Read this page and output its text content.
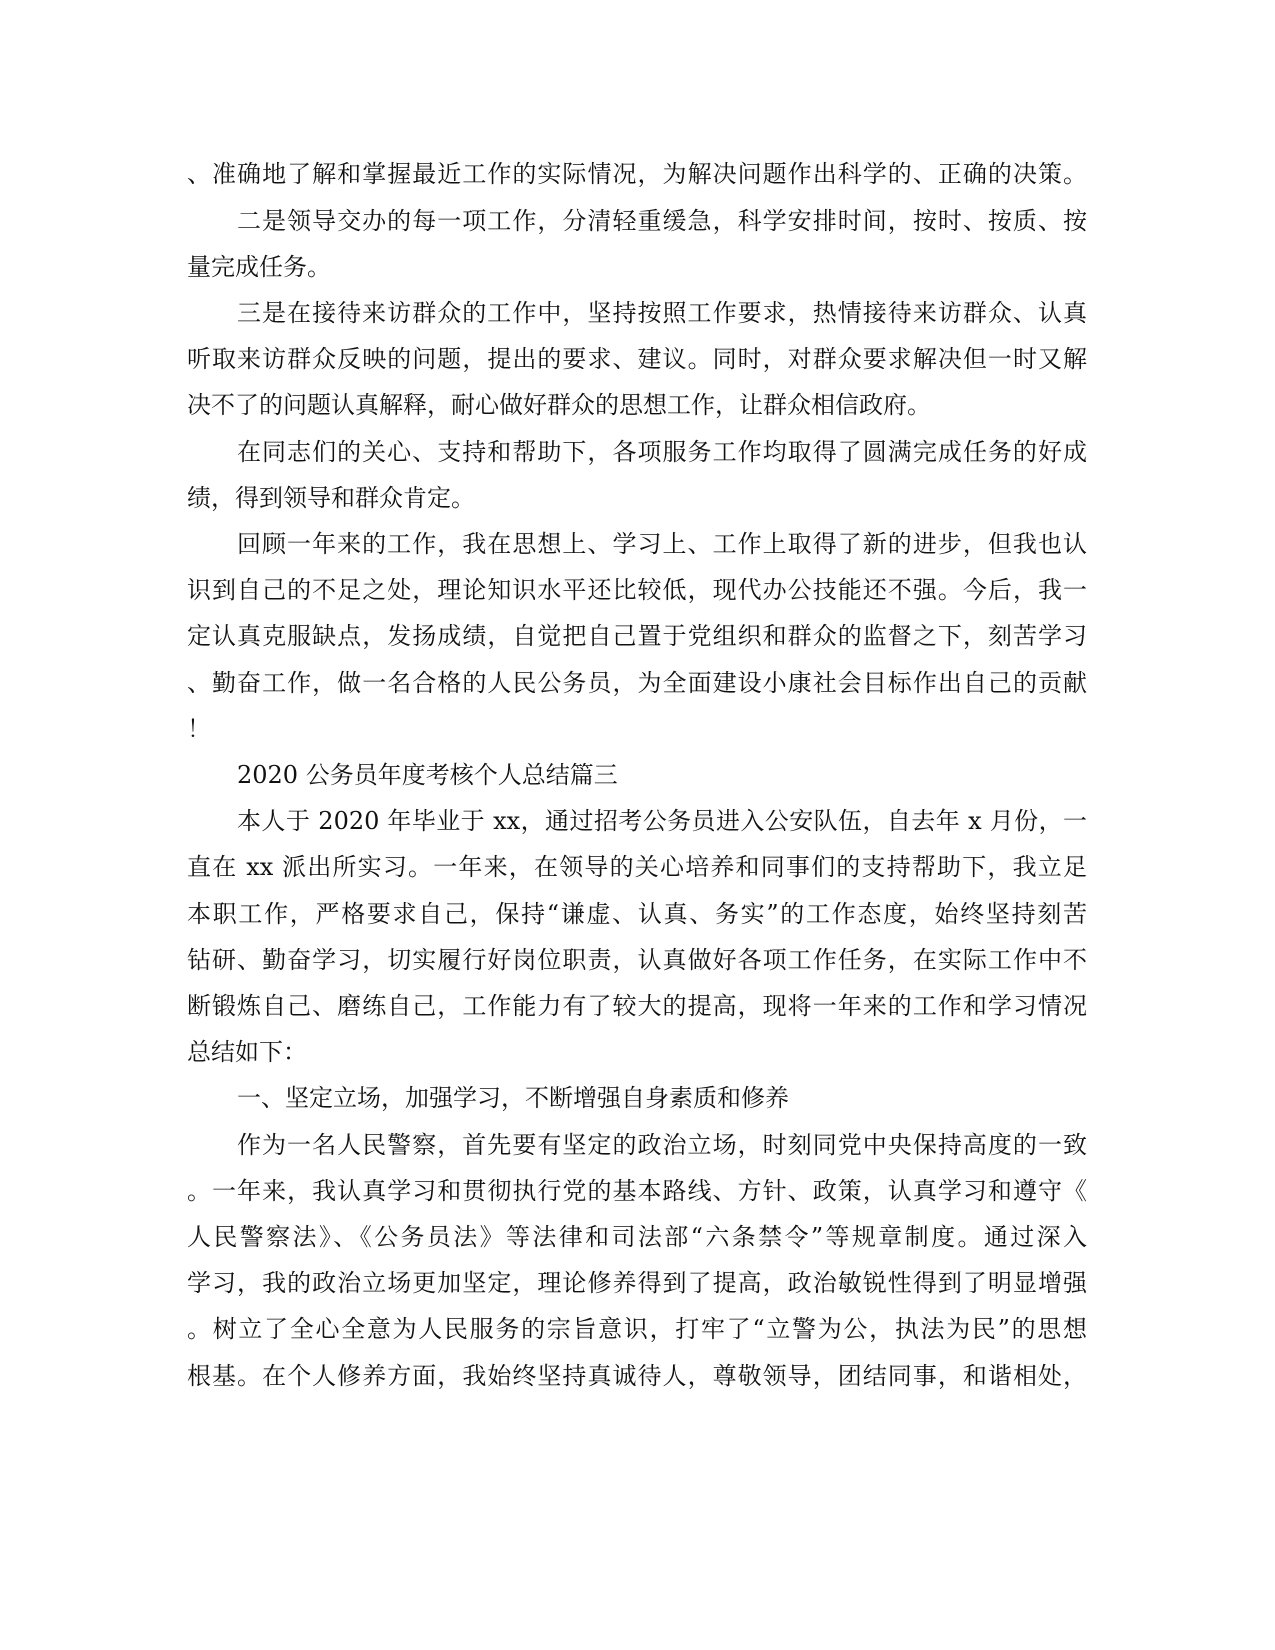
、准确地了解和掌握最近工作的实际情况，为解决问题作出科学的、正确的决策。
二是领导交办的每一项工作，分清轻重缓急，科学安排时间，按时、按质、按
量完成任务。
三是在接待来访群众的工作中，坚持按照工作要求，热情接待来访群众、认真
听取来访群众反映的问题，提出的要求、建议。同时，对群众要求解决但一时又解
决不了的问题认真解释，耐心做好群众的思想工作，让群众相信政府。
在同志们的关心、支持和帮助下，各项服务工作均取得了圆满完成任务的好成
绩，得到领导和群众肯定。
回顾一年来的工作，我在思想上、学习上、工作上取得了新的进步，但我也认
识到自己的不足之处，理论知识水平还比较低，现代办公技能还不强。今后，我一
定认真克服缺点，发扬成绩，自觉把自己置于党组织和群众的监督之下，刻苦学习
、勤奋工作，做一名合格的人民公务员，为全面建设小康社会目标作出自己的贡献
！
2020 公务员年度考核个人总结篇三
本人于 2020 年毕业于 xx，通过招考公务员进入公安队伍，自去年 x 月份，一
直在 xx 派出所实习。一年来，在领导的关心培养和同事们的支持帮助下，我立足
本职工作，严格要求自己，保持“谦虚、认真、务实”的工作态度，始终坚持刻苦
钻研、勤奋学习，切实履行好岗位职责，认真做好各项工作任务，在实际工作中不
断锻炼自己、磨练自己，工作能力有了较大的提高，现将一年来的工作和学习情况
总结如下：
一、坚定立场，加强学习，不断增强自身素质和修养
作为一名人民警察，首先要有坚定的政治立场，时刻同党中央保持高度的一致
。一年来，我认真学习和贯彻执行党的基本路线、方针、政策，认真学习和遵守《
人民警察法》、《公务员法》等法律和司法部“六条禁令”等规章制度。通过深入
学习，我的政治立场更加坚定，理论修养得到了提高，政治敏锐性得到了明显增强
。树立了全心全意为人民服务的宗旨意识，打牢了“立警为公，执法为民”的思想
根基。在个人修养方面，我始终坚持真诚待人，尊敬领导，团结同事，和谐相处，
